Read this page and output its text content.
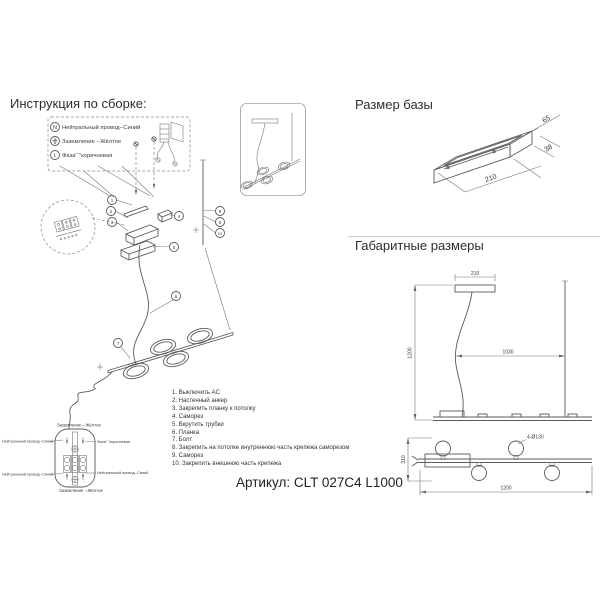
Инструкция по сборке:	Размер базы
Габаритные размеры
N Нейтральный провод--Синий
Заземление --Жёлтое
L Фаза" "коричневая
65
38
210
210
1200	1030
310
4-Ø130
1200
1
2
3
4
5
8
9
10
6
7
Заземление --Жёлтое
Нейтральный провод--Синий	Фаза" "коричневая
Нейтральный провод--Синий	Нейтральный провод--Синий
Заземление --Жёлтое
1. Выключить AC
2. Настенный анкер
3. Закрепить планку к потолку
4. Саморез
5. Вкрутить трубки
6. Планка
7. Болт
8. Закрепить на потолке внутреннюю часть крепежа саморезом
9. Саморез
10. Закрепить внешнюю часть крепежа
Артикул: CLT 027C4 L1000
